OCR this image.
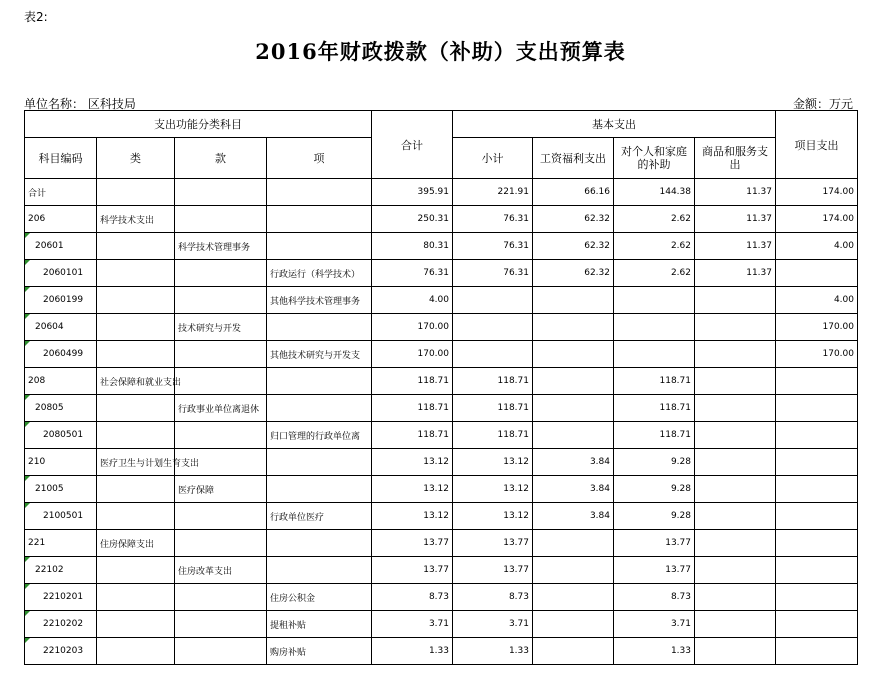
表2:
2016年财政拨款（补助）支出预算表
单位名称： 区科技局	金额：万元
支出功能分类科目				合计	基本支出				项目支出
科目编码	类	款	项		小计	工资福利支出	对个人和家庭的补助	商品和服务支出	
合计				395.91	221.91	66.16	144.38	11.37	174.00
206	科学技术支出			250.31	76.31	62.32	2.62	11.37	174.00
20601		科学技术管理事务		80.31	76.31	62.32	2.62	11.37	4.00
2060101			行政运行（科学技术）	76.31	76.31	62.32	2.62	11.37	
2060199			其他科学技术管理事务	4.00					4.00
20604		技术研究与开发		170.00					170.00
2060499			其他技术研究与开发支	170.00					170.00
208	社会保障和就业支出			118.71	118.71		118.71		
20805		行政事业单位离退休		118.71	118.71		118.71		
2080501			归口管理的行政单位离	118.71	118.71		118.71		
210	医疗卫生与计划生育支出			13.12	13.12	3.84	9.28		
21005		医疗保障		13.12	13.12	3.84	9.28		
2100501			行政单位医疗	13.12	13.12	3.84	9.28		
221	住房保障支出			13.77	13.77		13.77		
22102		住房改革支出		13.77	13.77		13.77		
2210201			住房公积金	8.73	8.73		8.73		
2210202			提租补贴	3.71	3.71		3.71		
2210203			购房补贴	1.33	1.33		1.33		
